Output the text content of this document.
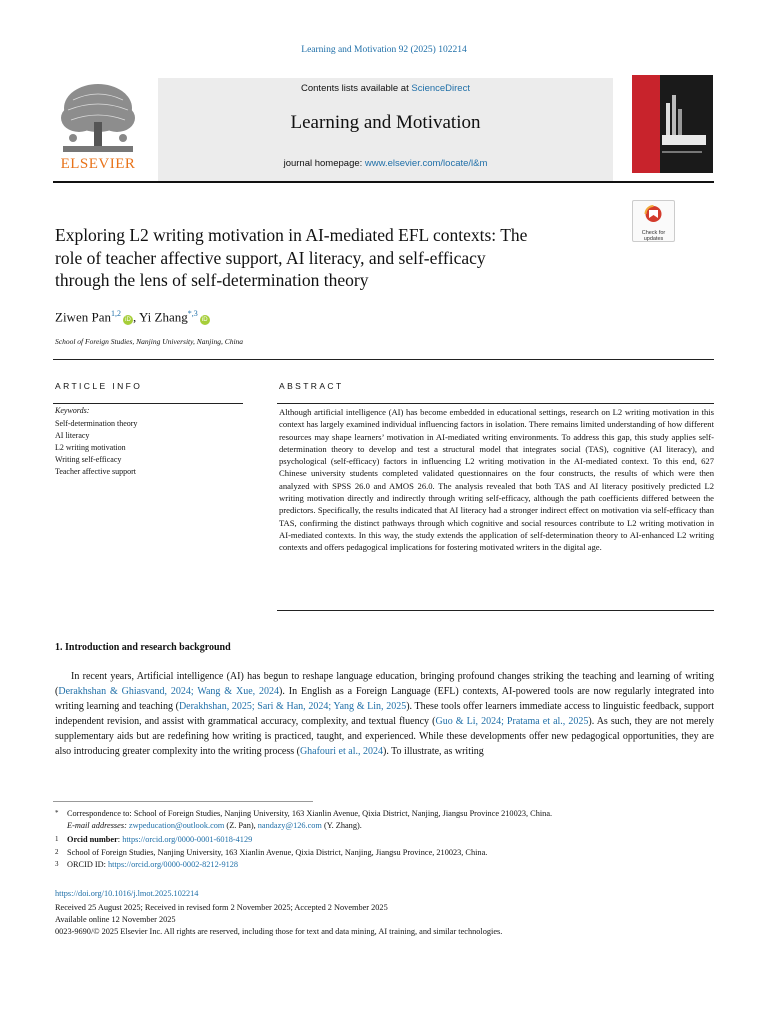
Learning and Motivation 92 (2025) 102214
ELSEVIER
Contents lists available at ScienceDirect
Learning and Motivation
journal homepage: www.elsevier.com/locate/l&m
Exploring L2 writing motivation in AI-mediated EFL contexts: The
role of teacher affective support, AI literacy, and self-efficacy
through the lens of self-determination theory
Check for
updates
Ziwen Pan$^{1,2}$iD , Yi Zhang$^{*,3}$iD
School of Foreign Studies, Nanjing University, Nanjing, China
ARTICLE INFO
Keywords:
Self-determination theory
AI literacy
L2 writing motivation
Writing self-efficacy
Teacher affective support
ABSTRACT
Although artificial intelligence (AI) has become embedded in educational settings, research on L2 writing motivation in this context has largely examined individual influencing factors in isolation. There remains limited understanding of how different resources may shape learners’ motivation in AI-mediated writing environments. To address this gap, this study applies self-determination theory to develop and test a structural model that integrates social (TAS), cognitive (AI literacy), and psychological (self-efficacy) factors in influencing L2 writing motivation in the AI-mediated context. To this end, 627 Chinese university students completed validated questionnaires on the four constructs, the results of which were then analyzed with SPSS 26.0 and AMOS 26.0. The analysis revealed that both TAS and AI literacy positively predicted L2 writing motivation directly and indirectly through writing self-efficacy, although the path coefficients differed between the predictors. Specifically, the results indicated that AI literacy had a stronger indirect effect on motivation via self-efficacy than TAS, confirming the distinct pathways through which cognitive and social resources contribute to L2 writing motivation in AI-mediated contexts. In this way, the study extends the application of self-determination theory to AI-enhanced L2 writing contexts and offers pedagogical implications for fostering motivated writers in the digital age.
1. Introduction and research background

In recent years, Artificial intelligence (AI) has begun to reshape language education, bringing profound changes striking the teaching and learning of writing (Derakhshan & Ghiasvand, 2024; Wang & Xue, 2024). In English as a Foreign Language (EFL) contexts, AI-powered tools are now regularly integrated into writing learning and teaching (Derakhshan, 2025; Sari & Han, 2024; Yang & Lin, 2025). These tools offer learners immediate access to linguistic feedback, support independent revision, and assist with grammatical accuracy, complexity, and textual fluency (Guo & Li, 2024; Pratama et al., 2025). As such, they are not merely supplementary aids but are redefining how writing is practiced, taught, and experienced. While these developments offer new pedagogical opportunities, they are also introducing greater complexity into the writing process (Ghafouri et al., 2024). To illustrate, as writing

* Correspondence to: School of Foreign Studies, Nanjing University, 163 Xianlin Avenue, Qixia District, Nanjing, Jiangsu Province 210023, China.
E-mail addresses: zwpeducation@outlook.com (Z. Pan), nandazy@126.com (Y. Zhang).
1 Orcid number: https://orcid.org/0000-0001-6018-4129
2 School of Foreign Studies, Nanjing University, 163 Xianlin Avenue, Qixia District, Nanjing, Jiangsu Province, 210023, China.
3 ORCID ID: https://orcid.org/0000-0002-8212-9128
https://doi.org/10.1016/j.lmot.2025.102214
Received 25 August 2025; Received in revised form 2 November 2025; Accepted 2 November 2025
Available online 12 November 2025
0023-9690/© 2025 Elsevier Inc. All rights are reserved, including those for text and data mining, AI training, and similar technologies.
